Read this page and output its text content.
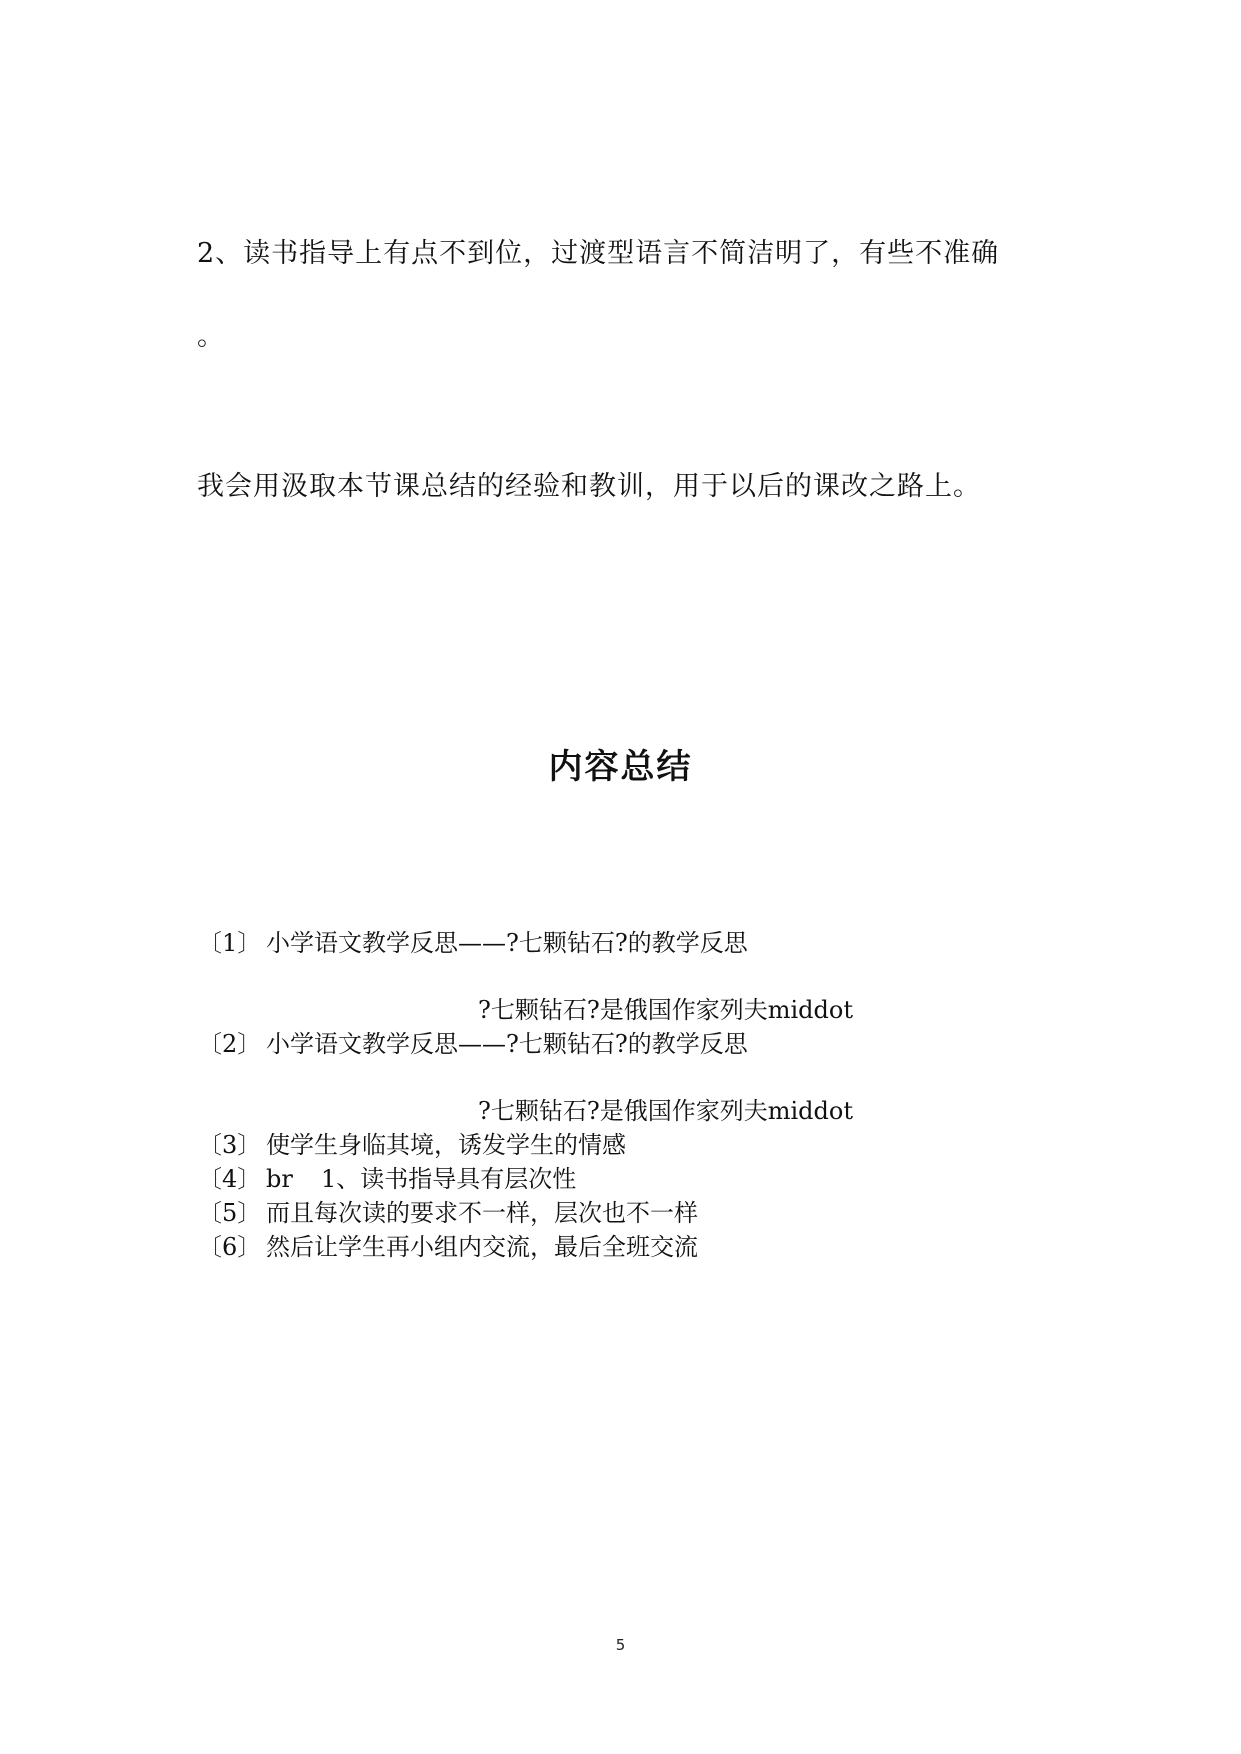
2、读书指导上有点不到位，过渡型语言不简洁明了，有些不准确
。
我会用汲取本节课总结的经验和教训，用于以后的课改之路上。
内容总结
〔1〕 小学语文教学反思——?七颗钻石?的教学反思
?七颗钻石?是俄国作家列夫middot
〔2〕 小学语文教学反思——?七颗钻石?的教学反思
?七颗钻石?是俄国作家列夫middot
〔3〕 使学生身临其境，诱发学生的情感
〔4〕 br 1、读书指导具有层次性
〔5〕 而且每次读的要求不一样，层次也不一样
〔6〕 然后让学生再小组内交流，最后全班交流
5
